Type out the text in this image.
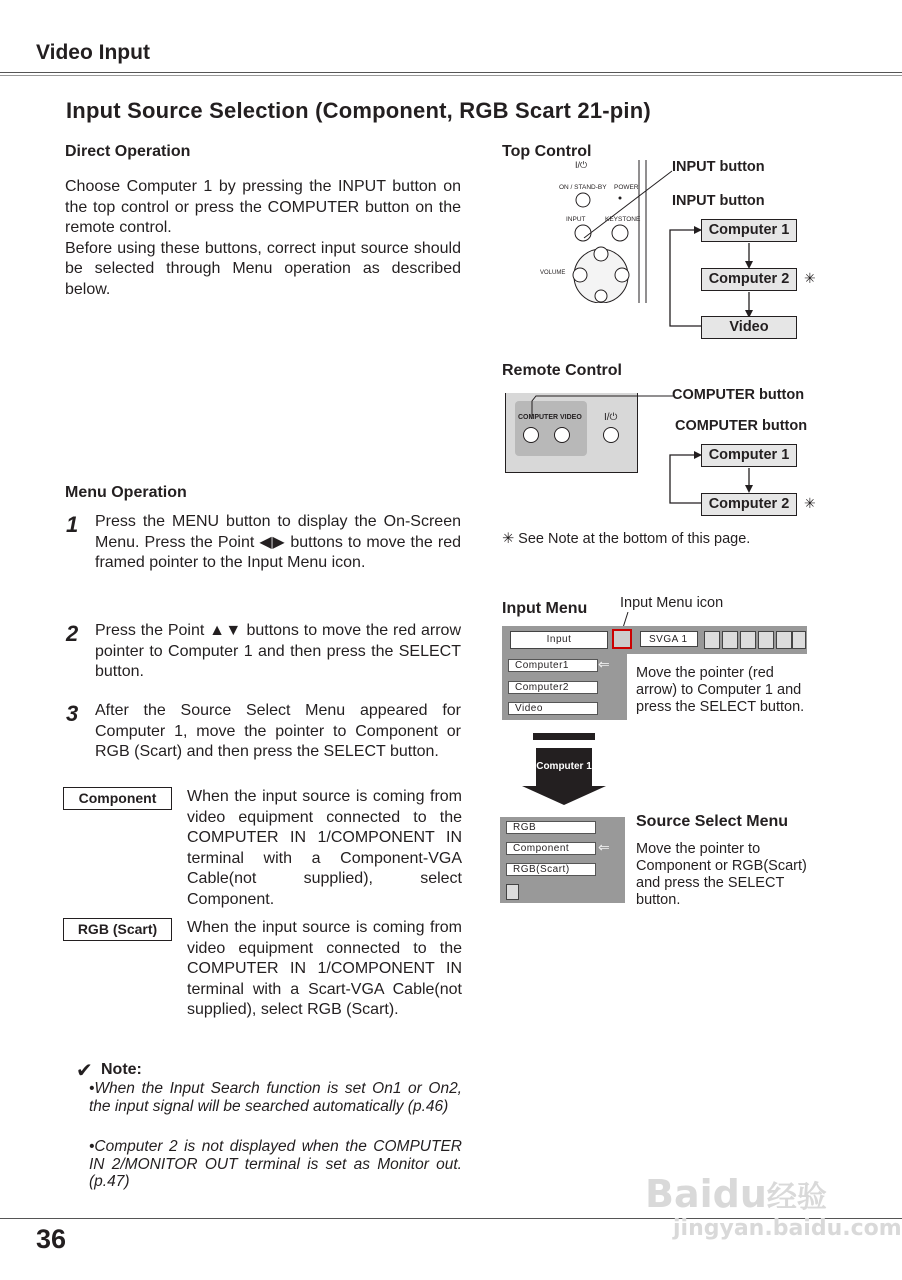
Video Input
Input Source Selection (Component, RGB Scart 21-pin)
Direct Operation
Choose Computer 1 by pressing the INPUT button on the top control or press the COMPUTER button on the remote control.
Before using these buttons, correct input source should be selected through Menu operation as described below.
Menu Operation
1 Press the MENU button to display the On-Screen Menu. Press the Point ◀▶ buttons to move the red framed pointer to the Input Menu icon.
2 Press the Point ▲▼ buttons to move the red arrow pointer to Computer 1 and then press the SELECT button.
3 After the Source Select Menu appeared for Computer 1, move the pointer to Component or RGB (Scart) and then press the SELECT button.
Component	When the input source is coming from video equipment connected to the COMPUTER IN 1/COMPONENT IN terminal with a Component-VGA Cable(not supplied), select Component.
RGB (Scart)	When the input source is coming from video equipment connected to the COMPUTER IN 1/COMPONENT IN terminal with a Scart-VGA Cable(not supplied), select RGB (Scart).
✔ Note:
•When the Input Search function is set On1 or On2, the input signal will be searched automatically (p.46)
•Computer 2 is not displayed when the COMPUTER IN 2/MONITOR OUT terminal is set as Monitor out. (p.47)
Top Control
I/⏻
ON / STAND-BY POWER
INPUT	KEYSTONE
VOLUME
INPUT button
INPUT button
Computer 1
Computer 2	✳
Video
Remote Control
COMPUTER VIDEO I/⏻
COMPUTER button
COMPUTER button
Computer 1
Computer 2	✳
✳ See Note at the bottom of this page.
Input Menu Input Menu icon
Input	SVGA 1
Computer1	⇐
Computer2
Video
Move the pointer (red arrow) to Computer 1 and press the SELECT button.
Computer 1
RGB
Component	⇐
RGB(Scart)
Source Select Menu
Move the pointer to Component or RGB(Scart) and press the SELECT button.
36
Baidu经验
jingyan.baidu.com
